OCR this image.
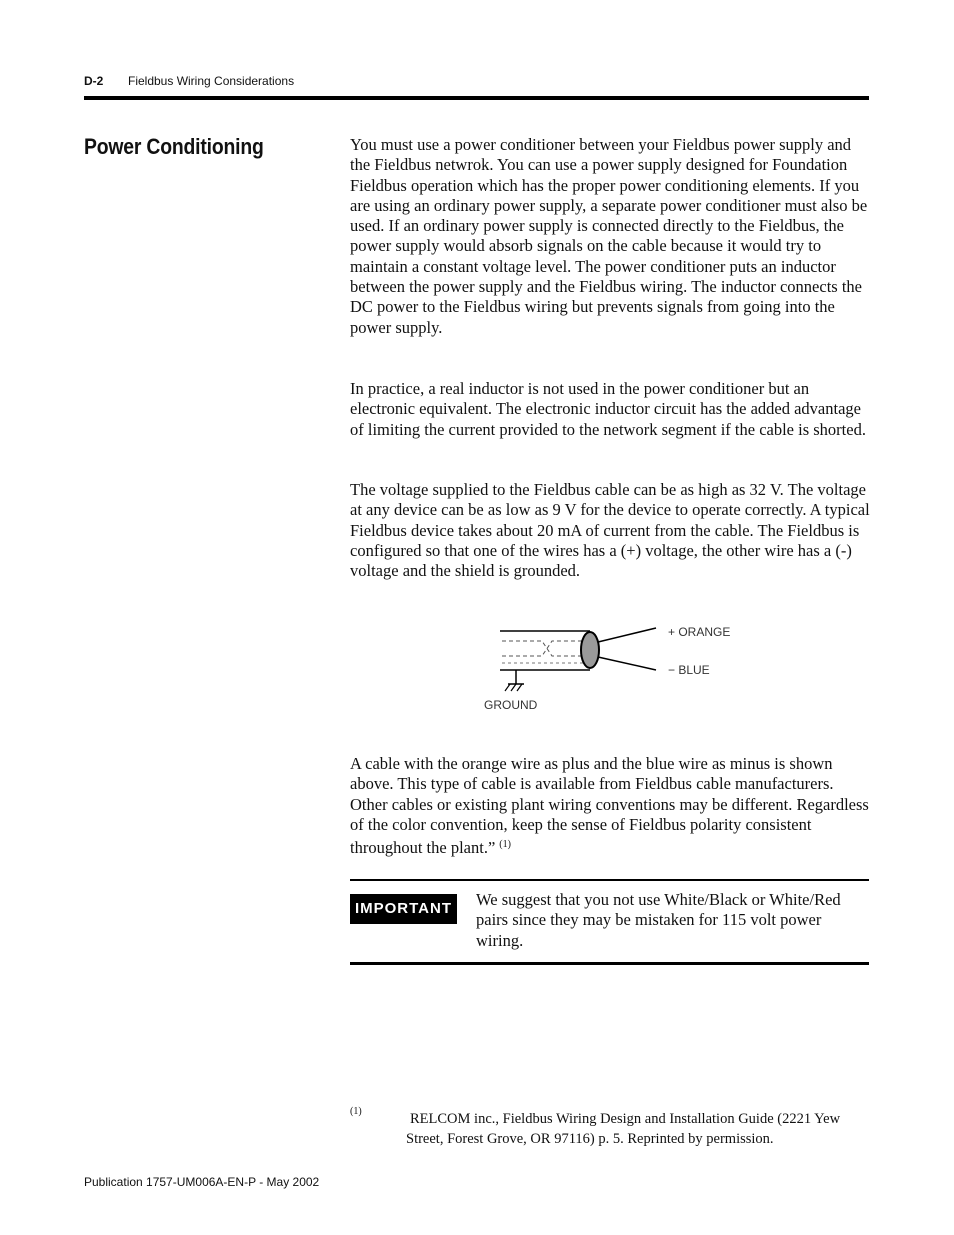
D-2 Fieldbus Wiring Considerations
Power Conditioning	You must use a power conditioner between your Fieldbus power supply and the Fieldbus netwrok. You can use a power supply designed for Foundation Fieldbus operation which has the proper power conditioning elements. If you are using an ordinary power supply, a separate power conditioner must also be used. If an ordinary power supply is connected directly to the Fieldbus, the power supply would absorb signals on the cable because it would try to maintain a constant voltage level. The power conditioner puts an inductor between the power supply and the Fieldbus wiring. The inductor connects the DC power to the Fieldbus wiring but prevents signals from going into the power supply.
In practice, a real inductor is not used in the power conditioner but an electronic equivalent. The electronic inductor circuit has the added advantage of limiting the current provided to the network segment if the cable is shorted.
The voltage supplied to the Fieldbus cable can be as high as 32 V. The voltage at any device can be as low as 9 V for the device to operate correctly. A typical Fieldbus device takes about 20 mA of current from the cable. The Fieldbus is configured so that one of the wires has a (+) voltage, the other wire has a (-) voltage and the shield is grounded.
+ ORANGE
− BLUE
GROUND
A cable with the orange wire as plus and the blue wire as minus is shown above. This type of cable is available from Fieldbus cable manufacturers. Other cables or existing plant wiring conventions may be different. Regardless of the color convention, keep the sense of Fieldbus polarity consistent throughout the plant.” $^{(1)}$
IMPORTANT	We suggest that you not use White/Black or White/Red pairs since they may be mistaken for 115 volt power wiring.
(1)	RELCOM inc., Fieldbus Wiring Design and Installation Guide (2221 Yew Street, Forest Grove, OR 97116) p. 5. Reprinted by permission.
Publication 1757-UM006A-EN-P - May 2002
